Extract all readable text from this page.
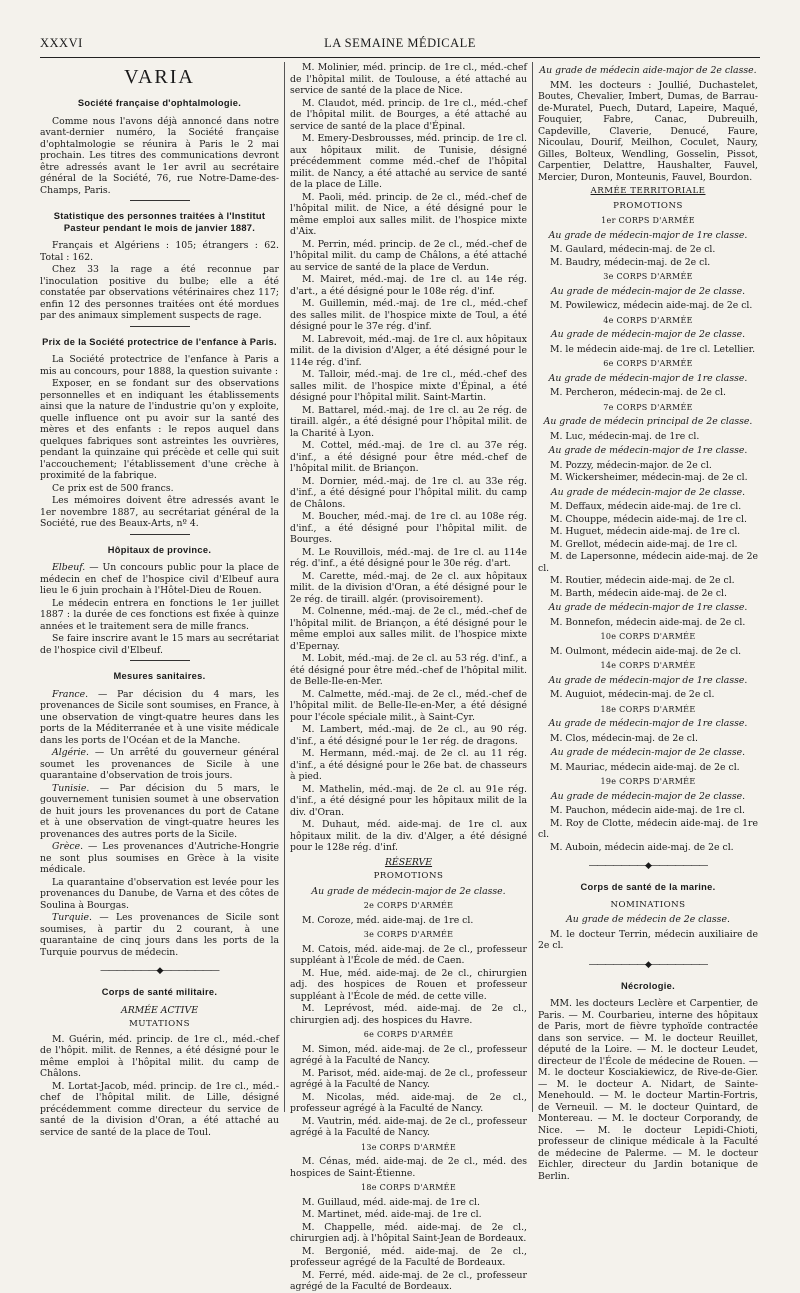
XXXVI	LA SEMAINE MÉDICALE
VARIA
Société française d'ophtalmologie.

Comme nous l'avons déjà annoncé dans notre avant-dernier numéro, la Société française d'ophtalmologie se réunira à Paris le 2 mai prochain. Les titres des communications devront être adressés avant le 1er avril au secrétaire général de la Société, 76, rue Notre-Dame-des-Champs, Paris.

Statistique des personnes traitées à l'Institut Pasteur pendant le mois de janvier 1887.

Français et Algériens : 105; étrangers : 62. Total : 162.

Chez 33 la rage a été reconnue par l'inoculation positive du bulbe; elle a été constatée par observations vétérinaires chez 117; enfin 12 des personnes traitées ont été mordues par des animaux simplement suspects de rage.

Prix de la Société protectrice de l'enfance à Paris.

La Société protectrice de l'enfance à Paris a mis au concours, pour 1888, la question suivante :

Exposer, en se fondant sur des observations personnelles et en indiquant les établissements ainsi que la nature de l'industrie qu'on y exploite, quelle influence ont pu avoir sur la santé des mères et des enfants : le repos auquel dans quelques fabriques sont astreintes les ouvrières, pendant la quinzaine qui précède et celle qui suit l'accouchement; l'établissement d'une crèche à proximité de la fabrique.

Ce prix est de 500 francs.

Les mémoires doivent être adressés avant le 1er novembre 1887, au secrétariat général de la Société, rue des Beaux-Arts, nº 4.

Hôpitaux de province.

Elbeuf. — Un concours public pour la place de médecin en chef de l'hospice civil d'Elbeuf aura lieu le 6 juin prochain à l'Hôtel-Dieu de Rouen.

Le médecin entrera en fonctions le 1er juillet 1887 : la durée de ces fonctions est fixée à quinze années et le traitement sera de mille francs.

Se faire inscrire avant le 15 mars au secrétariat de l'hospice civil d'Elbeuf.

Mesures sanitaires.

France. — Par décision du 4 mars, les provenances de Sicile sont soumises, en France, à une observation de vingt-quatre heures dans les ports de la Méditerranée et à une visite médicale dans les ports de l'Océan et de la Manche.

Algérie. — Un arrêté du gouverneur général soumet les provenances de Sicile à une quarantaine d'observation de trois jours.

Tunisie. — Par décision du 5 mars, le gouvernement tunisien soumet à une observation de huit jours les provenances du port de Catane et à une observation de vingt-quatre heures les provenances des autres ports de la Sicile.

Grèce. — Les provenances d'Autriche-Hongrie ne sont plus soumises en Grèce à la visite médicale.

La quarantaine d'observation est levée pour les provenances du Danube, de Varna et des côtes de Soulina à Bourgas.

Turquie. — Les provenances de Sicile sont soumises, à partir du 2 courant, à une quarantaine de cinq jours dans les ports de la Turquie pourvus de médecin.

―――――――◆―――――――
Corps de santé militaire.
ARMÉE ACTIVE
MUTATIONS

M. Guérin, méd. princip. de 1re cl., méd.-chef de l'hôpit. milit. de Rennes, a été désigné pour le même emploi à l'hôpital milit. du camp de Châlons.

M. Lortat-Jacob, méd. princip. de 1re cl., méd.-chef de l'hôpital milit. de Lille, désigné précédemment comme directeur du service de santé de la division d'Oran, a été attaché au service de santé de la place de Toul.

M. Molinier, méd. princip. de 1re cl., méd.-chef de l'hôpital milit. de Toulouse, a été attaché au service de santé de la place de Nice.

M. Claudot, méd. princip. de 1re cl., méd.-chef de l'hôpital milit. de Bourges, a été attaché au service de santé de la place d'Épinal.

M. Emery-Desbrousses, méd. princip. de 1re cl. aux hôpitaux milit. de Tunisie, désigné précédemment comme méd.-chef de l'hôpital milit. de Nancy, a été attaché au service de santé de la place de Lille.

M. Paoli, méd. princip. de 2e cl., méd.-chef de l'hôpital milit. de Nice, a été désigné pour le même emploi aux salles milit. de l'hospice mixte d'Aix.

M. Perrin, méd. princip. de 2e cl., méd.-chef de l'hôpital milit. du camp de Châlons, a été attaché au service de santé de la place de Verdun.

M. Mairet, méd.-maj. de 1re cl. au 14e rég. d'art., a été désigné pour le 108e rég. d'inf.

M. Guillemin, méd.-maj. de 1re cl., méd.-chef des salles milit. de l'hospice mixte de Toul, a été désigné pour le 37e rég. d'inf.

M. Labrevoit, méd.-maj. de 1re cl. aux hôpitaux milit. de la division d'Alger, a été désigné pour le 114e rég. d'inf.

M. Talloir, méd.-maj. de 1re cl., méd.-chef des salles milit. de l'hospice mixte d'Épinal, a été désigné pour l'hôpital milit. Saint-Martin.

M. Battarel, méd.-maj. de 1re cl. au 2e rég. de tiraill. algér., a été désigné pour l'hôpital milit. de la Charité à Lyon.

M. Cottel, méd.-maj. de 1re cl. au 37e rég. d'inf., a été désigné pour être méd.-chef de l'hôpital milit. de Briançon.

M. Dornier, méd.-maj. de 1re cl. au 33e rég. d'inf., a été désigné pour l'hôpital milit. du camp de Châlons.

M. Boucher, méd.-maj. de 1re cl. au 108e rég. d'inf., a été désigné pour l'hôpital milit. de Bourges.

M. Le Rouvillois, méd.-maj. de 1re cl. au 114e rég. d'inf., a été désigné pour le 30e rég. d'art.

M. Carette, méd.-maj. de 2e cl. aux hôpitaux milit. de la division d'Oran, a été désigné pour le 2e rég. de tiraill. algér. (provisoirement).

M. Colnenne, méd.-maj. de 2e cl., méd.-chef de l'hôpital milit. de Briançon, a été désigné pour le même emploi aux salles milit. de l'hospice mixte d'Epernay.

M. Lobit, méd.-maj. de 2e cl. au 53 rég. d'inf., a été désigné pour être méd.-chef de l'hôpital milit. de Belle-Ile-en-Mer.

M. Calmette, méd.-maj. de 2e cl., méd.-chef de l'hôpital milit. de Belle-Ile-en-Mer, a été désigné pour l'école spéciale milit., à Saint-Cyr.

M. Lambert, méd.-maj. de 2e cl., au 90 rég. d'inf., a été désigné pour le 1er rég. de dragons.

M. Hermann, méd.-maj. de 2e cl. au 11 rég. d'inf., a été désigné pour le 26e bat. de chasseurs à pied.

M. Mathelin, méd.-maj. de 2e cl. au 91e rég. d'inf., a été désigné pour les hôpitaux milit de la div. d'Oran.

M. Duhaut, méd. aide-maj. de 1re cl. aux hôpitaux milit. de la div. d'Alger, a été désigné pour le 128e rég. d'inf.

RÉSERVE
PROMOTIONS
Au grade de médecin-major de 2e classe.
2e CORPS D'ARMÉE

M. Coroze, méd. aide-maj. de 1re cl.

3e CORPS D'ARMÉE

M. Catois, méd. aide-maj. de 2e cl., professeur suppléant à l'École de méd. de Caen.

M. Hue, méd. aide-maj. de 2e cl., chirurgien adj. des hospices de Rouen et professeur suppléant à l'École de méd. de cette ville.

M. Leprévost, méd. aide-maj. de 2e cl., chirurgien adj. des hospices du Havre.

6e CORPS D'ARMÉE

M. Simon, méd. aide-maj. de 2e cl., professeur agrégé à la Faculté de Nancy.

M. Parisot, méd. aide-maj. de 2e cl., professeur agrégé à la Faculté de Nancy.

M. Nicolas, méd. aide-maj. de 2e cl., professeur agrégé à la Faculté de Nancy.

M. Vautrin, méd. aide-maj. de 2e cl., professeur agrégé à la Faculté de Nancy.

13e CORPS D'ARMÉE

M. Cénas, méd. aide-maj. de 2e cl., méd. des hospices de Saint-Étienne.

18e CORPS D'ARMÉE

M. Guillaud, méd. aide-maj. de 1re cl.

M. Martinet, méd. aide-maj. de 1re cl.

M. Chappelle, méd. aide-maj. de 2e cl., chirurgien adj. à l'hôpital Saint-Jean de Bordeaux.

M. Bergonié, méd. aide-maj. de 2e cl., professeur agrégé de la Faculté de Bordeaux.

M. Ferré, méd. aide-maj. de 2e cl., professeur agrégé de la Faculté de Bordeaux.

Au grade de médecin aide-major de 2e classe.

MM. les docteurs : Joullié, Duchastelet, Boutes, Chevalier, Imbert, Dumas, de Barrau-de-Muratel, Puech, Dutard, Lapeire, Maqué, Fouquier, Fabre, Canac, Dubreuilh, Capdeville, Claverie, Denucé, Faure, Nicoulau, Dourif, Meilhon, Coculet, Naury, Gilles, Bolteux, Wendling, Gosselin, Pissot, Carpentier, Delattre, Haushalter, Fauvel, Mercier, Duron, Monteunis, Fauvel, Bourdon.

ARMÉE TERRITORIALE
PROMOTIONS
1er CORPS D'ARMÉE
Au grade de médecin-major de 1re classe.

M. Gaulard, médecin-maj. de 2e cl.

M. Baudry, médecin-maj. de 2e cl.

3e CORPS D'ARMÉE
Au grade de médecin-major de 2e classe.

M. Powilewicz, médecin aide-maj. de 2e cl.

4e CORPS D'ARMÉE
Au grade de médecin-major de 2e classe.

M. le médecin aide-maj. de 1re cl. Letellier.

6e CORPS D'ARMÉE
Au grade de médecin-major de 1re classe.

M. Percheron, médecin-maj. de 2e cl.

7e CORPS D'ARMÉE
Au grade de médecin principal de 2e classe.

M. Luc, médecin-maj. de 1re cl.

Au grade de médecin-major de 1re classe.

M. Pozzy, médecin-major. de 2e cl.

M. Wickersheimer, médecin-maj. de 2e cl.

Au grade de médecin-major de 2e classe.

M. Deffaux, médecin aide-maj. de 1re cl.

M. Chouppe, médecin aide-maj. de 1re cl.

M. Huguet, médecin aide-maj. de 1re cl.

M. Grellot, médecin aide-maj. de 1re cl.

M. de Lapersonne, médecin aide-maj. de 2e cl.

M. Routier, médecin aide-maj. de 2e cl.

M. Barth, médecin aide-maj. de 2e cl.

Au grade de médecin-major de 1re classe.

M. Bonnefon, médecin aide-maj. de 2e cl.

10e CORPS D'ARMÉE

M. Oulmont, médecin aide-maj. de 2e cl.

14e CORPS D'ARMÉE
Au grade de médecin-major de 1re classe.

M. Auguiot, médecin-maj. de 2e cl.

18e CORPS D'ARMÉE
Au grade de médecin-major de 1re classe.

M. Clos, médecin-maj. de 2e cl.

Au grade de médecin-major de 2e classe.

M. Mauriac, médecin aide-maj. de 2e cl.

19e CORPS D'ARMÉE
Au grade de médecin-major de 2e classe.

M. Pauchon, médecin aide-maj. de 1re cl.

M. Roy de Clotte, médecin aide-maj. de 1re cl.

M. Auboin, médecin aide-maj. de 2e cl.

―――――――◆―――――――
Corps de santé de la marine.
NOMINATIONS
Au grade de médecin de 2e classe.

M. le docteur Terrin, médecin auxiliaire de 2e cl.

―――――――◆―――――――
Nécrologie.

MM. les docteurs Leclère et Carpentier, de Paris. — M. Courbarieu, interne des hôpitaux de Paris, mort de fièvre typhoïde contractée dans son service. — M. le docteur Reuillet, député de la Loire. — M. le docteur Leudet, directeur de l'École de médecine de Rouen. — M. le docteur Kosciakiewicz, de Rive-de-Gier. — M. le docteur A. Nidart, de Sainte-Menehould. — M. le docteur Martin-Fortris, de Verneuil. — M. le docteur Quintard, de Montereau. — M. le docteur Corporandy, de Nice. — M. le docteur Lepidi-Chioti, professeur de clinique médicale à la Faculté de médecine de Palerme. — M. le docteur Eichler, directeur du Jardin botanique de Berlin.
